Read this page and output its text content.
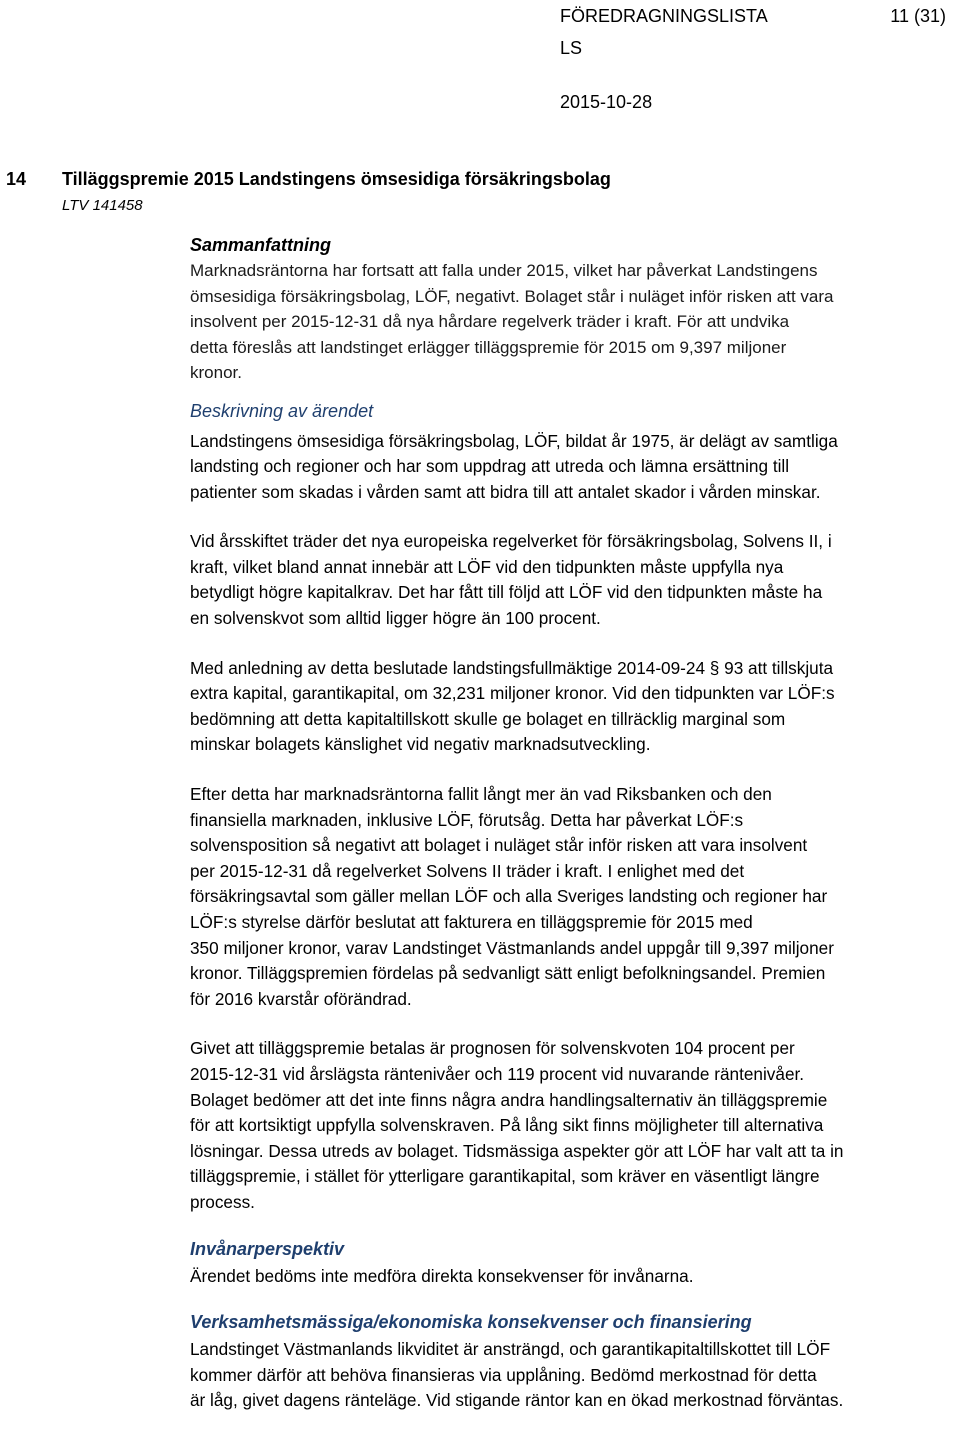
FÖREDRAGNINGSLISTA	11 (31)
LS
2015-10-28
14 Tilläggspremie 2015 Landstingens ömsesidiga försäkringsbolag
LTV 141458

Sammanfattning

Marknadsräntorna har fortsatt att falla under 2015, vilket har påverkat Landstingens

ömsesidiga försäkringsbolag, LÖF, negativt. Bolaget står i nuläget inför risken att vara

insolvent per 2015-12-31 då nya hårdare regelverk träder i kraft. För att undvika

detta föreslås att landstinget erlägger tilläggspremie för 2015 om 9,397 miljoner

kronor.

Beskrivning av ärendet

Landstingens ömsesidiga försäkringsbolag, LÖF, bildat år 1975, är delägt av samtliga

landsting och regioner och har som uppdrag att utreda och lämna ersättning till

patienter som skadas i vården samt att bidra till att antalet skador i vården minskar.

Vid årsskiftet träder det nya europeiska regelverket för försäkringsbolag, Solvens II, i

kraft, vilket bland annat innebär att LÖF vid den tidpunkten måste uppfylla nya

betydligt högre kapitalkrav. Det har fått till följd att LÖF vid den tidpunkten måste ha

en solvenskvot som alltid ligger högre än 100 procent.

Med anledning av detta beslutade landstingsfullmäktige 2014-09-24 § 93 att tillskjuta

extra kapital, garantikapital, om 32,231 miljoner kronor. Vid den tidpunkten var LÖF:s

bedömning att detta kapitaltillskott skulle ge bolaget en tillräcklig marginal som

minskar bolagets känslighet vid negativ marknadsutveckling.

Efter detta har marknadsräntorna fallit långt mer än vad Riksbanken och den

finansiella marknaden, inklusive LÖF, förutsåg. Detta har påverkat LÖF:s

solvensposition så negativt att bolaget i nuläget står inför risken att vara insolvent

per 2015-12-31 då regelverket Solvens II träder i kraft. I enlighet med det

försäkringsavtal som gäller mellan LÖF och alla Sveriges landsting och regioner har

LÖF:s styrelse därför beslutat att fakturera en tilläggspremie för 2015 med

350 miljoner kronor, varav Landstinget Västmanlands andel uppgår till 9,397 miljoner

kronor. Tilläggspremien fördelas på sedvanligt sätt enligt befolkningsandel. Premien

för 2016 kvarstår oförändrad.

Givet att tilläggspremie betalas är prognosen för solvenskvoten 104 procent per

2015-12-31 vid årslägsta räntenivåer och 119 procent vid nuvarande räntenivåer.

Bolaget bedömer att det inte finns några andra handlingsalternativ än tilläggspremie

för att kortsiktigt uppfylla solvenskraven. På lång sikt finns möjligheter till alternativa

lösningar. Dessa utreds av bolaget. Tidsmässiga aspekter gör att LÖF har valt att ta in

tilläggspremie, i stället för ytterligare garantikapital, som kräver en väsentligt längre

process.

Invånarperspektiv

Ärendet bedöms inte medföra direkta konsekvenser för invånarna.

Verksamhetsmässiga/ekonomiska konsekvenser och finansiering

Landstinget Västmanlands likviditet är ansträngd, och garantikapitaltillskottet till LÖF

kommer därför att behöva finansieras via upplåning. Bedömd merkostnad för detta

är låg, givet dagens ränteläge. Vid stigande räntor kan en ökad merkostnad förväntas.
